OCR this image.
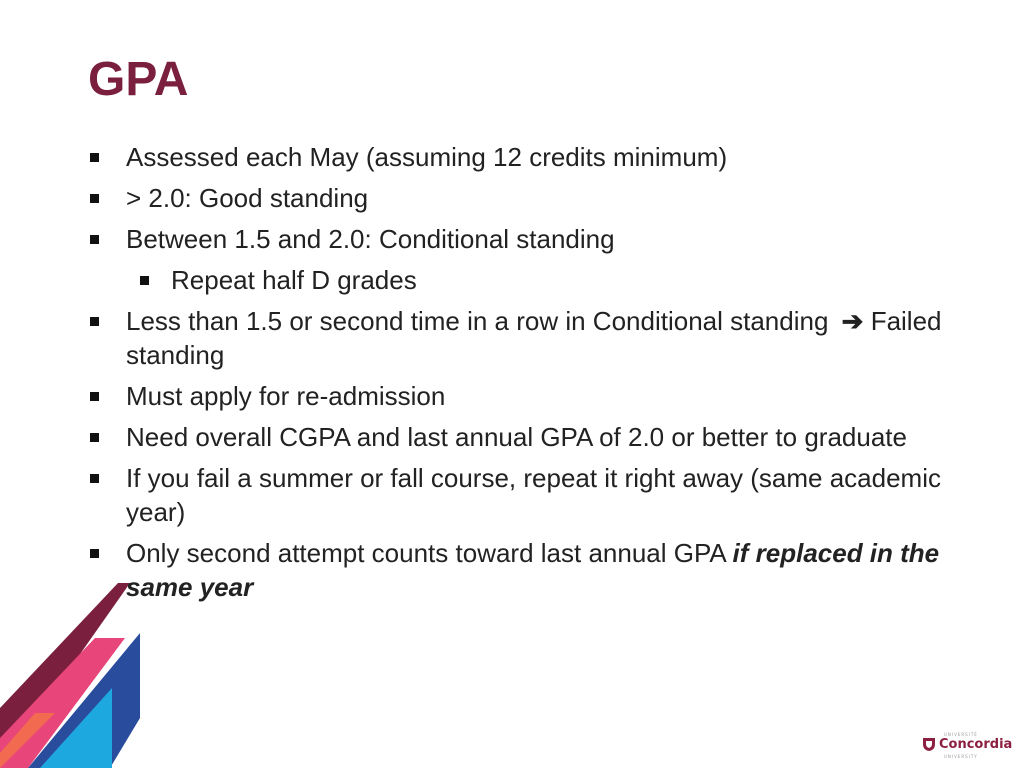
GPA
Assessed each May (assuming 12 credits minimum)
> 2.0: Good standing
Between 1.5 and 2.0: Conditional standing
Repeat half D grades
Less than 1.5 or second time in a row in Conditional standing ➔ Failed standing
Must apply for re-admission
Need overall CGPA and last annual GPA of 2.0 or better to graduate
If you fail a summer or fall course, repeat it right away (same academic year)
Only second attempt counts toward last annual GPA if replaced in the same year
UNIVERSITÉ
Concordia
UNIVERSITY
